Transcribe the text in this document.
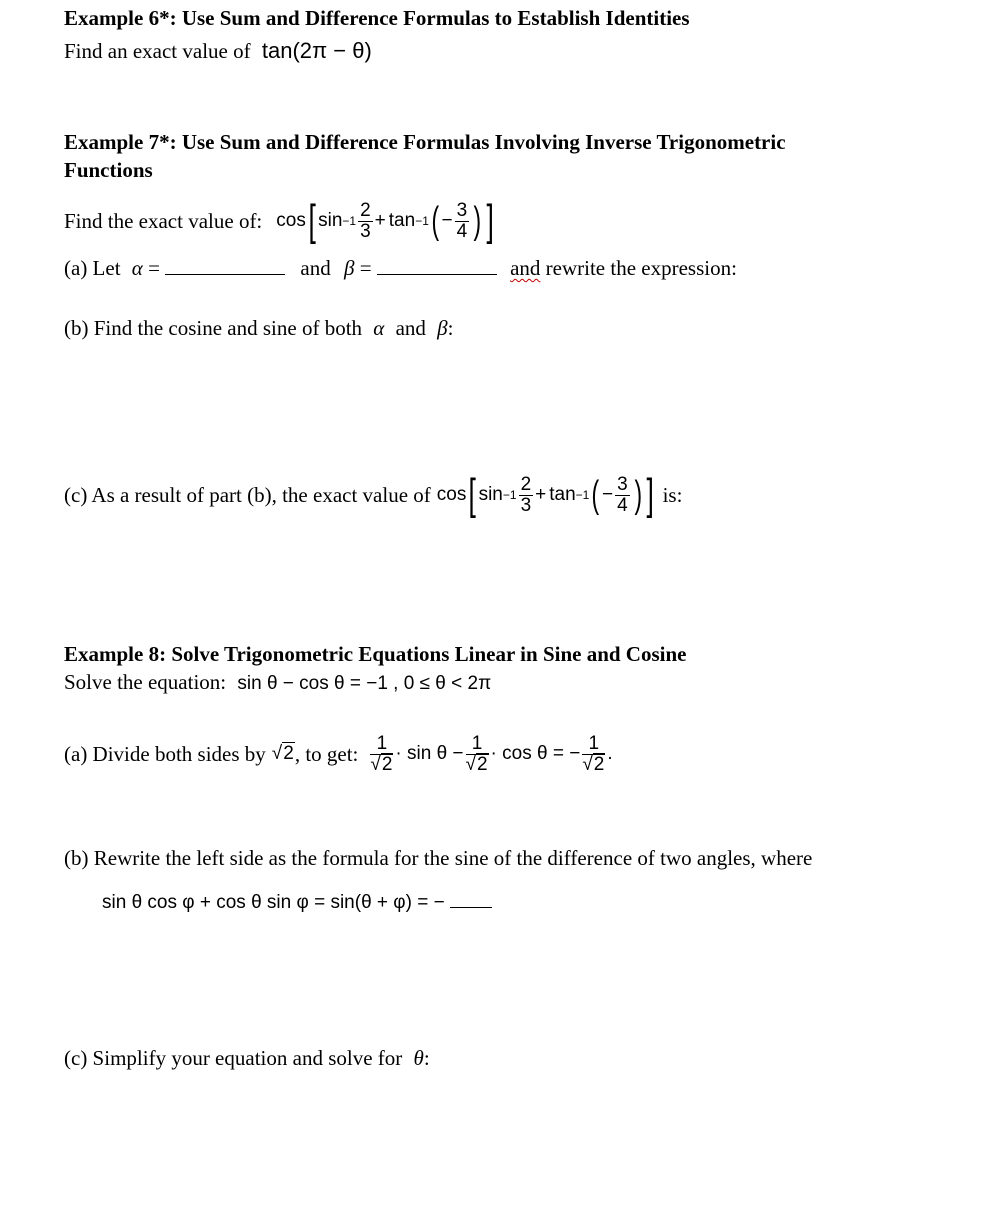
Example 6*: Use Sum and Difference Formulas to Establish Identities
Find an exact value of tan(2π − θ)
Example 7*: Use Sum and Difference Formulas Involving Inverse Trigonometric
Functions
Find the exact value of: cos [ $\sin -1 \frac{2}{3} + \tan -1$ ( − $\frac{3}{4}$ ) ]
(a) Let α =	and β =	and rewrite the expression:
(b) Find the cosine and sine of both α and β:
(c) As a result of part (b), the exact value of cos [ $\sin -1 \frac{2}{3} + \tan -1$ ( − $\frac{3}{4}$ ) ] is:
Example 8: Solve Trigonometric Equations Linear in Sine and Cosine
Solve the equation: sin θ − cos θ = −1 , 0 ≤ θ < 2π
(a) Divide both sides by √2 , to get: $\frac{1}{√2} \cdot \sin \theta - \frac{1}{√2} \cdot \cos \theta$ = − $\frac{1}{√2}$ .
(b) Rewrite the left side as the formula for the sine of the difference of two angles, where
sin θ cos φ + cos θ sin φ = sin(θ + φ) = −
(c) Simplify your equation and solve for θ:
